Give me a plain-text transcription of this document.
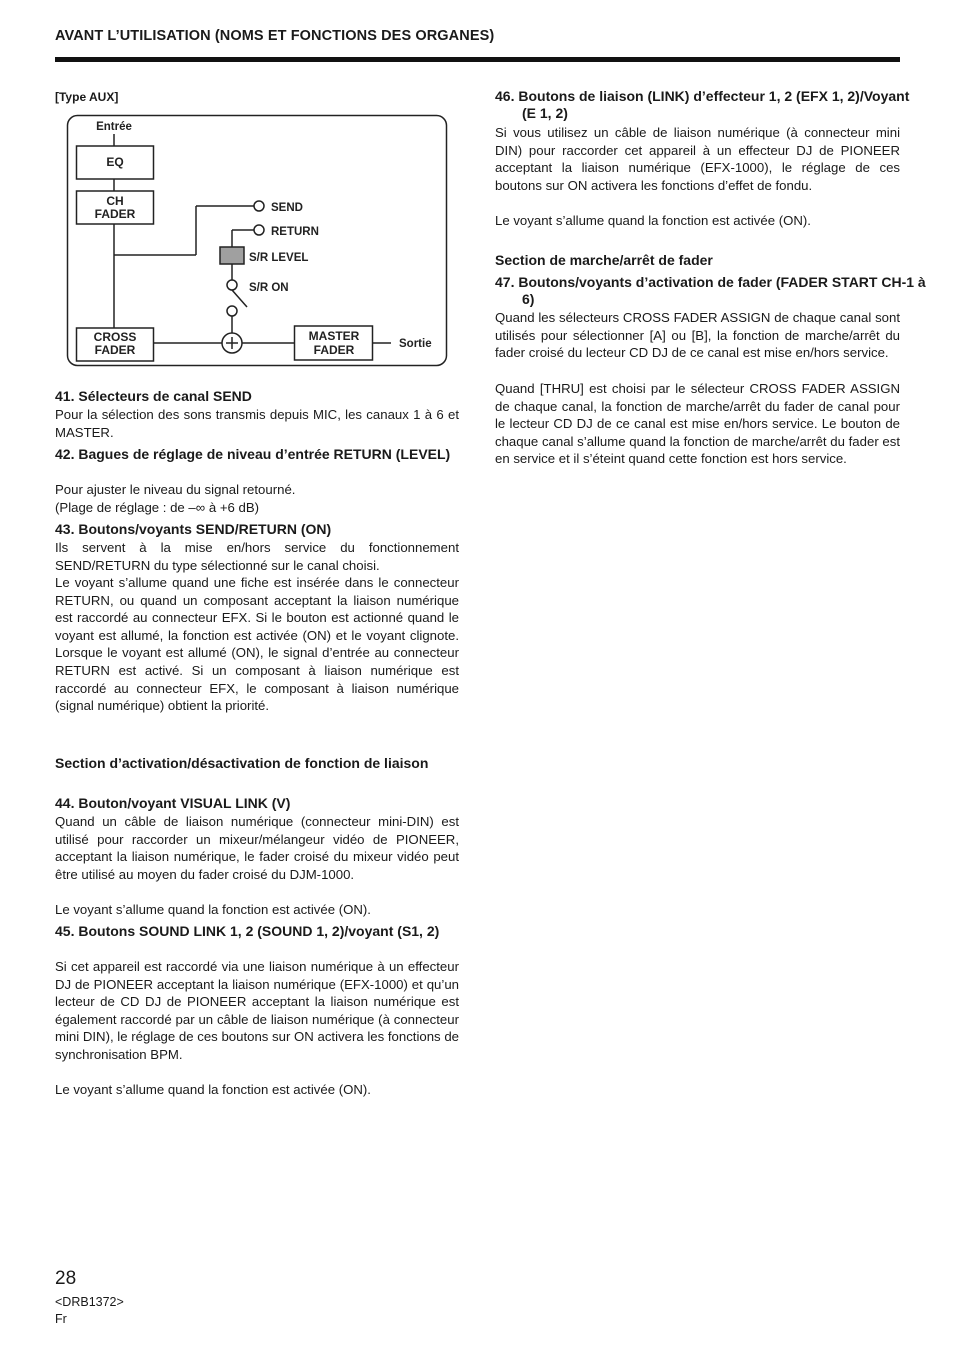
AVANT L’UTILISATION (NOMS ET FONCTIONS DES ORGANES)
[Type AUX]
Entrée
EQ
CH
FADER	SEND
RETURN
S/R LEVEL
S/R ON
CROSS
FADER
MASTER
FADER	Sortie
41. Sélecteurs de canal SEND
Pour la sélection des sons transmis depuis MIC, les canaux 1 à 6 et MASTER.
42. Bagues de réglage de niveau d’entrée RETURN (LEVEL)
Pour ajuster le niveau du signal retourné.
(Plage de réglage : de –∞ à +6 dB)
43. Boutons/voyants SEND/RETURN (ON)
Ils servent à la mise en/hors service du fonctionnement SEND/RETURN du type sélectionné sur le canal choisi.
Le voyant s’allume quand une fiche est insérée dans le connecteur RETURN, ou quand un composant acceptant la liaison numérique est raccordé au connecteur EFX. Si le bouton est actionné quand le voyant est allumé, la fonction est activée (ON) et le voyant clignote. Lorsque le voyant est allumé (ON), le signal d’entrée au connecteur RETURN est activé. Si un composant à liaison numérique est raccordé au connecteur EFX, le composant à liaison numérique (signal numérique) obtient la priorité.
Section d’activation/désactivation de fonction de liaison
44. Bouton/voyant VISUAL LINK (V)
Quand un câble de liaison numérique (connecteur mini-DIN) est utilisé pour raccorder un mixeur/mélangeur vidéo de PIONEER, acceptant la liaison numérique, le fader croisé du mixeur vidéo peut être utilisé au moyen du fader croisé du DJM-1000.
Le voyant s’allume quand la fonction est activée (ON).
45. Boutons SOUND LINK 1, 2 (SOUND 1, 2)/voyant (S1, 2)
Si cet appareil est raccordé via une liaison numérique à un effecteur DJ de PIONEER acceptant la liaison numérique (EFX-1000) et qu’un lecteur de CD DJ de PIONEER acceptant la liaison numérique est également raccordé par un câble de liaison numérique (à connecteur mini DIN), le réglage de ces boutons sur ON activera les fonctions de synchronisation BPM.
Le voyant s’allume quand la fonction est activée (ON).
46. Boutons de liaison (LINK) d’effecteur 1, 2 (EFX 1, 2)/Voyant (E 1, 2)
Si vous utilisez un câble de liaison numérique (à connecteur mini DIN) pour raccorder cet appareil à un effecteur DJ de PIONEER acceptant la liaison numérique (EFX-1000), le réglage de ces boutons sur ON activera les fonctions d’effet de fondu.
Le voyant s’allume quand la fonction est activée (ON).
Section de marche/arrêt de fader
47. Boutons/voyants d’activation de fader (FADER START CH-1 à 6)
Quand les sélecteurs CROSS FADER ASSIGN de chaque canal sont utilisés pour sélectionner [A] ou [B], la fonction de marche/arrêt du fader croisé du lecteur CD DJ de ce canal est mise en/hors service.
Quand [THRU] est choisi par le sélecteur CROSS FADER ASSIGN de chaque canal, la fonction de marche/arrêt du fader de canal pour le lecteur CD DJ de ce canal est mise en/hors service. Le bouton de chaque canal s’allume quand la fonction de marche/arrêt du fader est en service et il s’éteint quand cette fonction est hors service.
28
<DRB1372>
Fr
